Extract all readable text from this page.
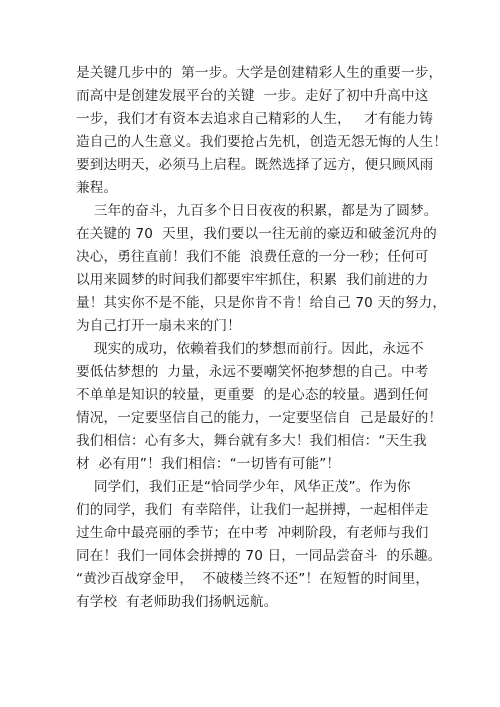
是关键几步中的  第一步。大学是创建精彩人生的重要一步，
而高中是创建发展平台的关键  一步。走好了初中升高中这
一步，我们才有资本去追求自己精彩的人生，   才有能力铸
造自己的人生意义。我们要抢占先机，创造无怨无悔的人生！
要到达明天，必须马上启程。既然选择了远方，便只顾风雨
兼程。
三年的奋斗，九百多个日日夜夜的积累，都是为了圆梦。
在关键的 70  天里，我们要以一往无前的豪迈和破釜沉舟的
决心，勇往直前！我们不能  浪费任意的一分一秒；任何可
以用来圆梦的时间我们都要牢牢抓住，积累  我们前进的力
量！其实你不是不能，只是你肯不肯！给自己 70 天的努力，
为自己打开一扇未来的门！
现实的成功，依赖着我们的梦想而前行。因此，永远不
要低估梦想的  力量，永远不要嘲笑怀抱梦想的自己。中考
不单单是知识的较量，更重要  的是心态的较量。遇到任何
情况，一定要坚信自己的能力，一定要坚信自  己是最好的！
我们相信：心有多大，舞台就有多大！我们相信：“天生我
材  必有用”！我们相信：“一切皆有可能”！
同学们，我们正是“恰同学少年，风华正茂”。作为你
们的同学，我们  有幸陪伴，让我们一起拼搏，一起相伴走
过生命中最亮丽的季节；在中考  冲刺阶段，有老师与我们
同在！我们一同体会拼搏的 70 日，一同品尝奋斗  的乐趣。
“黄沙百战穿金甲，  不破楼兰终不还”！在短暂的时间里，
有学校  有老师助我们扬帆远航。
